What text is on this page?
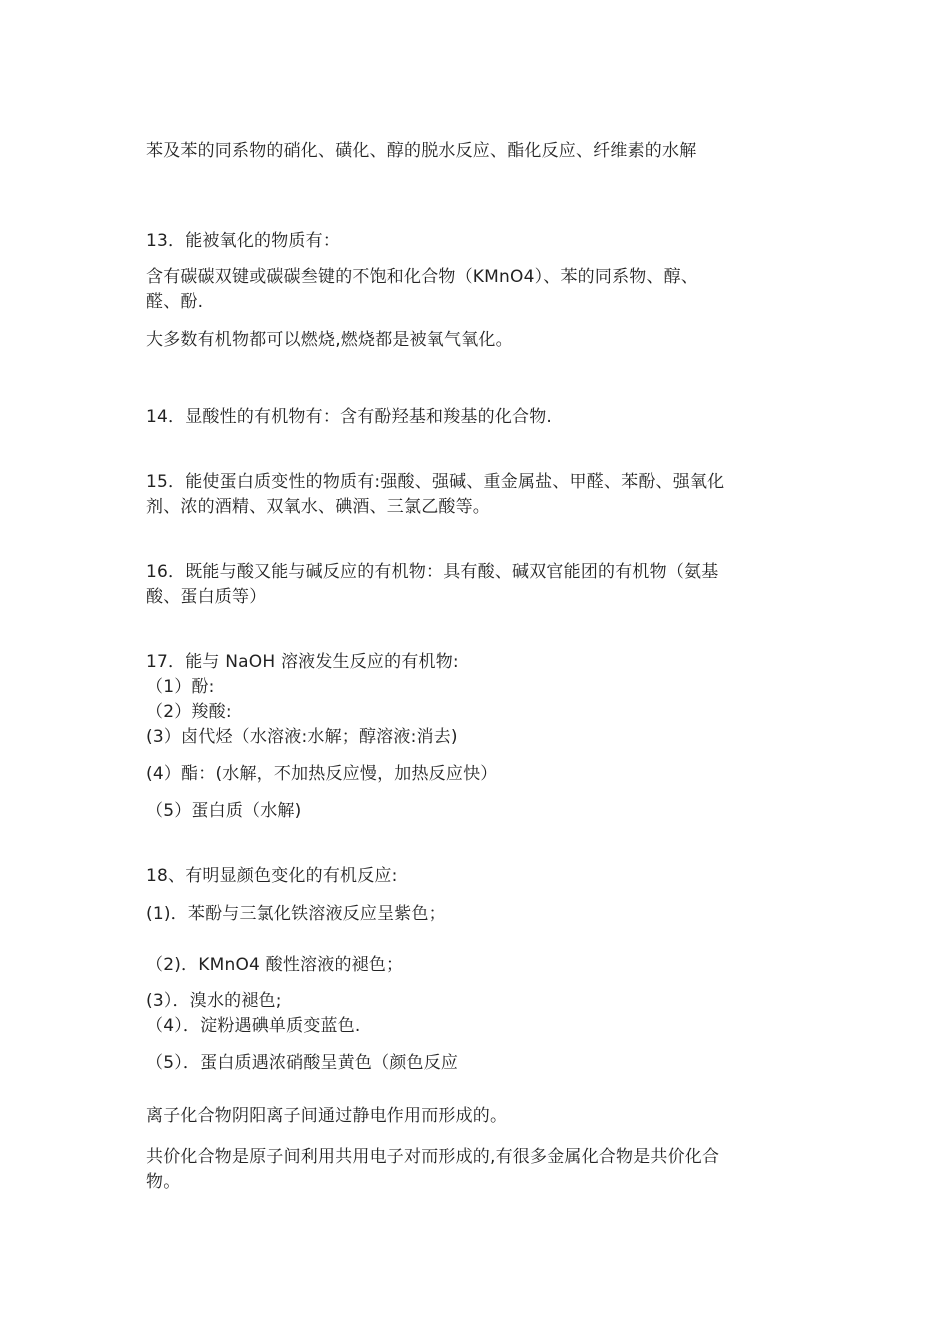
苯及苯的同系物的硝化、磺化、醇的脱水反应、酯化反应、纤维素的水解
13．能被氧化的物质有：
含有碳碳双键或碳碳叁键的不饱和化合物（KMnO4）、苯的同系物、醇、
醛、酚.
大多数有机物都可以燃烧,燃烧都是被氧气氧化。
14．显酸性的有机物有：含有酚羟基和羧基的化合物.
15．能使蛋白质变性的物质有:强酸、强碱、重金属盐、甲醛、苯酚、强氧化
剂、浓的酒精、双氧水、碘酒、三氯乙酸等。
16．既能与酸又能与碱反应的有机物：具有酸、碱双官能团的有机物（氨基
酸、蛋白质等）
17．能与 NaOH 溶液发生反应的有机物:
（1）酚:
（2）羧酸:
(3）卤代烃（水溶液:水解；醇溶液:消去)
(4）酯：(水解，不加热反应慢，加热反应快）
（5）蛋白质（水解)
18、有明显颜色变化的有机反应:
(1)．苯酚与三氯化铁溶液反应呈紫色；
（2)．KMnO4 酸性溶液的褪色；
(3）．溴水的褪色;
（4）．淀粉遇碘单质变蓝色.
（5）．蛋白质遇浓硝酸呈黄色（颜色反应
离子化合物阴阳离子间通过静电作用而形成的。
共价化合物是原子间利用共用电子对而形成的,有很多金属化合物是共价化合
物。
